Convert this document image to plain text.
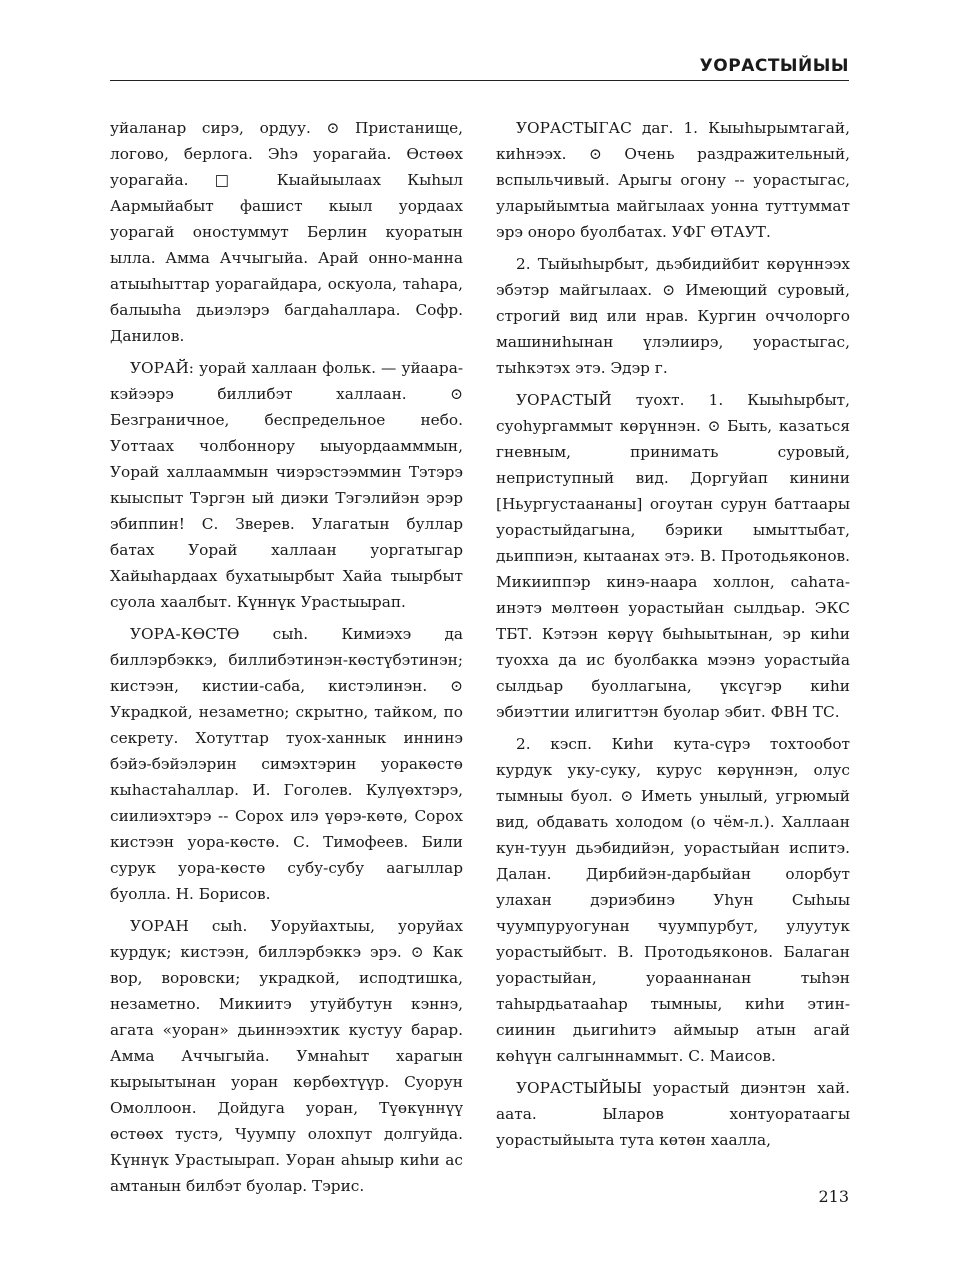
УОРАСТЫЙЫЫ

уйаланар сирэ, ордуу. ⊙ Пристанище, логово, берлога. Эhэ уорагайа. Өстөөх уорагайа. □ Кыайыылаах Кыhыл Аармыйабыт фашист кыыл уордаах уорагай оностуммут Берлин куоратын ылла. Амма Аччыгыйа. Арай онно-манна атыыhыттар уорагайдара, оскуола, таhара, балыыhа дьиэлэрэ багдаhаллара. Софр. Данилов.

УОРАЙ: уорай халлаан фольк. — уйаара-кэйээрэ биллибэт халлаан. ⊙ Безграничное, беспредельное небо. Уоттаах чолбоннору ыыуордаамммын, Уорай халлааммын чиэрэстээммин Тэтэрэ кыыспыт Тэргэн ый диэки Тэгэлийэн эрэр эбиппин! С. Зверев. Улагатын буллар батах Уорай халлаан уоргатыгар Хайыhардаах бухатыырбыт Хайа тыырбыт суола хаалбыт. Күннүк Урастыырап.

УОРА-КӨСТӨ сыh. Кимиэхэ да биллэрбэккэ, биллибэтинэн-көстүбэтинэн; кистээн, кистии-саба, кистэлинэн. ⊙ Украдкой, незаметно; скрытно, тайком, по секрету. Хотуттар туох-ханнык иннинэ бэйэ-бэйэлэрин симэхтэрин уоракөстө кыhастаhаллар. И. Гоголев. Кулүөхтэрэ, сиилиэхтэрэ -- Сорох илэ үөрэ-көтө, Сорох кистээн уора-көстө. С. Тимофеев. Били сурук уора-көстө субу-субу аагыллар буолла. Н. Борисов.

УОРАН сыh. Уоруйахтыы, уоруйах курдук; кистээн, биллэрбэккэ эрэ. ⊙ Как вор, воровски; украдкой, исподтишка, незаметно. Микиитэ утуйбутун кэннэ, агата «уоран» дьиннээхтик кустуу барар. Амма Аччыгыйа. Умнаhыт харагын кырыытынан уоран көрбөхтүүр. Суорун Омоллоон. Дойдуга уоран, Түөкүннүү өстөөх тустэ, Чуумпу олохпут долгуйда. Күннүк Урастыырап. Уоран аhыыр киhи ас амтанын билбэт буолар. Тэрис.

УОРАСТЫГАС даг. 1. Кыыhырымтагай, киhнээх. ⊙ Очень раздражительный, вспыльчивый. Арыгы огону -- уорастыгас, уларыйымтыа майгылаах уонна туттуммат эрэ оноро буолбатах. УФГ ӨТАУТ.

2. Тыйыhырбыт, дьэбидийбит көрүннээх эбэтэр майгылаах. ⊙ Имеющий суровый, строгий вид или нрав. Кургин оччолорго машиниhынан үлэлиирэ, уорастыгас, тыhкэтэх этэ. Эдэр г.

УОРАСТЫЙ туохт. 1. Кыыhырбыт, суоhургаммыт көрүннэн. ⊙ Быть, казаться гневным, принимать суровый, неприступный вид. Доргуйап кинини [Ньургустаананы] огоутан сурун баттаары уорастыйдагына, бэрики ымыттыбат, дьиппиэн, кытаанах этэ. В. Протодьяконов. Микииппэр кинэ-наара холлон, саhата-инэтэ мөлтөөн уорастыйан сылдьар. ЭКС ТБТ. Кэтээн көрүү быhыытынан, эр киhи туохха да ис буолбакка мээнэ уорастыйа сылдьар буоллагына, үксүгэр киhи эбиэттии илигиттэн буолар эбит. ФВН ТС.

2. кэсп. Киhи кута-сүрэ тохтообот курдук уку-суку, курус көрүннэн, олус тымныы буол. ⊙ Иметь унылый, угрюмый вид, обдавать холодом (о чём-л.). Халлаан кун-туун дьэбидийэн, уорастыйан испитэ. Далан. Дирбийэн-дарбыйан олорбут улахан дэриэбинэ Уhун Сыhыы чуумпуруогунан чуумпурбут, улуутук уорастыйбыт. В. Протодьяконов. Балаган уорастыйан, уорааннанан тыhэн таhырдьатааhар тымныы, киhи этин-сиинин дьигиhитэ аймыыр атын агай көhүүн салгыннаммыт. С. Маисов.

УОРАСТЫЙЫЫ уорастый диэнтэн хай. аата. Ыларов хонтуоратаагы уорастыйыыта тута көтөн хаалла,

213
